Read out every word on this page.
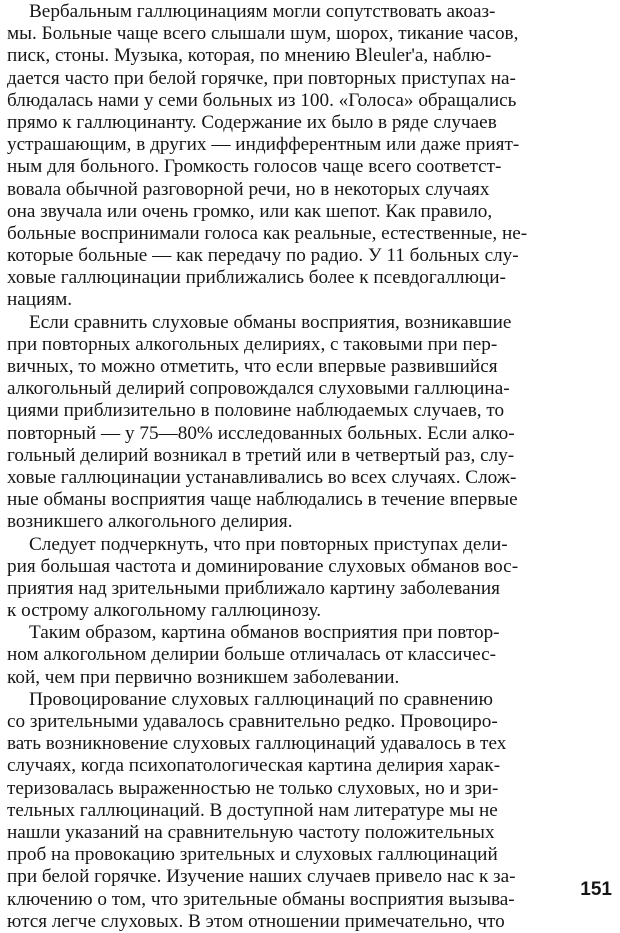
Вербальным галлюцинациям могли сопутствовать акоаз-
мы. Больные чаще всего слышали шум, шорох, тикание часов,
писк, стоны. Музыка, которая, по мнению Bleuler'a, наблю-
дается часто при белой горячке, при повторных приступах на-
блюдалась нами у семи больных из 100. «Голоса» обращались
прямо к галлюцинанту. Содержание их было в ряде случаев
устрашающим, в других — индифферентным или даже прият-
ным для больного. Громкость голосов чаще всего соответст-
вовала обычной разговорной речи, но в некоторых случаях
она звучала или очень громко, или как шепот. Как правило,
больные воспринимали голоса как реальные, естественные, не-
которые больные — как передачу по радио. У 11 больных слу-
ховые галлюцинации приближались более к псевдогаллюци-
нациям.

Если сравнить слуховые обманы восприятия, возникавшие
при повторных алкогольных делириях, с таковыми при пер-
вичных, то можно отметить, что если впервые развившийся
алкогольный делирий сопровождался слуховыми галлюцина-
циями приблизительно в половине наблюдаемых случаев, то
повторный — у 75—80% исследованных больных. Если алко-
гольный делирий возникал в третий или в четвертый раз, слу-
ховые галлюцинации устанавливались во всех случаях. Слож-
ные обманы восприятия чаще наблюдались в течение впервые
возникшего алкогольного делирия.

Следует подчеркнуть, что при повторных приступах дели-
рия большая частота и доминирование слуховых обманов вос-
приятия над зрительными приближало картину заболевания
к острому алкогольному галлюцинозу.

Таким образом, картина обманов восприятия при повтор-
ном алкогольном делирии больше отличалась от классичес-
кой, чем при первично возникшем заболевании.

Провоцирование слуховых галлюцинаций по сравнению
со зрительными удавалось сравнительно редко. Провоциро-
вать возникновение слуховых галлюцинаций удавалось в тех
случаях, когда психопатологическая картина делирия харак-
теризовалась выраженностью не только слуховых, но и зри-
тельных галлюцинаций. В доступной нам литературе мы не
нашли указаний на сравнительную частоту положительных
проб на провокацию зрительных и слуховых галлюцинаций
при белой горячке. Изучение наших случаев привело нас к за-
ключению о том, что зрительные обманы восприятия вызыва-
ются легче слуховых. В этом отношении примечательно, что

151
